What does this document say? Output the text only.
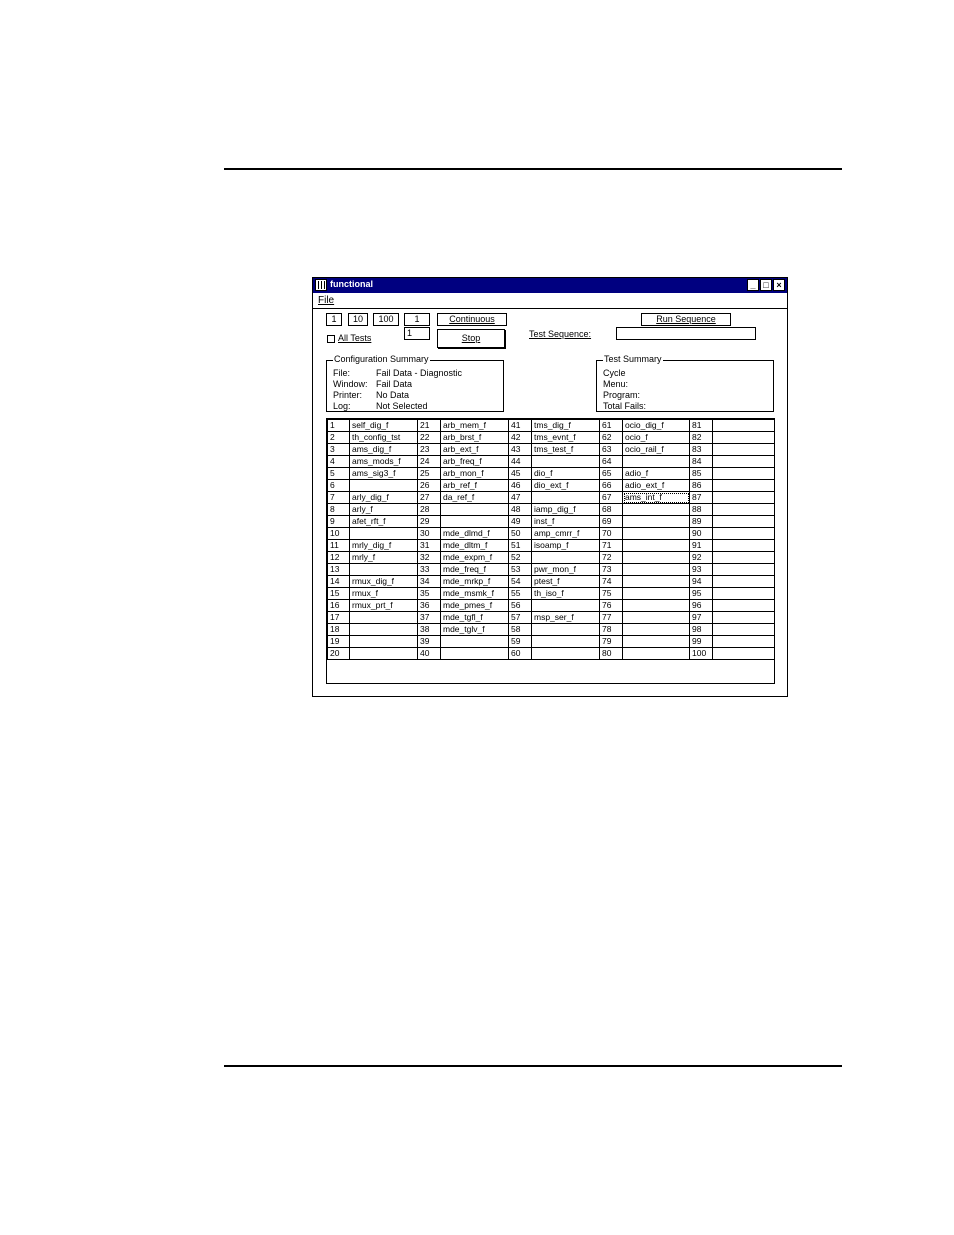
functional	_ □ ×
File
1	10	100	1
1
Continuous
Stop
All Tests
Run Sequence
Test Sequence:
Configuration Summary
File:	Fail Data - Diagnostic
Window: Fail Data
Printer: No Data
Log:	Not Selected
Test Summary
Cycle
Menu:
Program:
Total Fails:
1	self_dig_f	21	arb_mem_f	41	tms_dig_f	61	ocio_dig_f	81	
2	th_config_tst	22	arb_brst_f	42	tms_evnt_f	62	ocio_f	82	
3	ams_dig_f	23	arb_ext_f	43	tms_test_f	63	ocio_rail_f	83	
4	ams_mods_f	24	arb_freq_f	44		64		84	
5	ams_sig3_f	25	arb_mon_f	45	dio_f	65	adio_f	85	
6		26	arb_ref_f	46	dio_ext_f	66	adio_ext_f	86	
7	arly_dig_f	27	da_ref_f	47		67	ams_int_f	87	
8	arly_f	28		48	iamp_dig_f	68		88	
9	afet_rft_f	29		49	inst_f	69		89	
10		30	mde_dlmd_f	50	amp_cmrr_f	70		90	
11	mrly_dig_f	31	mde_dltm_f	51	isoamp_f	71		91	
12	mrly_f	32	mde_expm_f	52		72		92	
13		33	mde_freq_f	53	pwr_mon_f	73		93	
14	rmux_dig_f	34	mde_mrkp_f	54	ptest_f	74		94	
15	rmux_f	35	mde_msmk_f	55	th_iso_f	75		95	
16	rmux_prt_f	36	mde_pmes_f	56		76		96	
17		37	mde_tgfl_f	57	msp_ser_f	77		97	
18		38	mde_tglv_f	58		78		98	
19		39		59		79		99	
20		40		60		80		100	
